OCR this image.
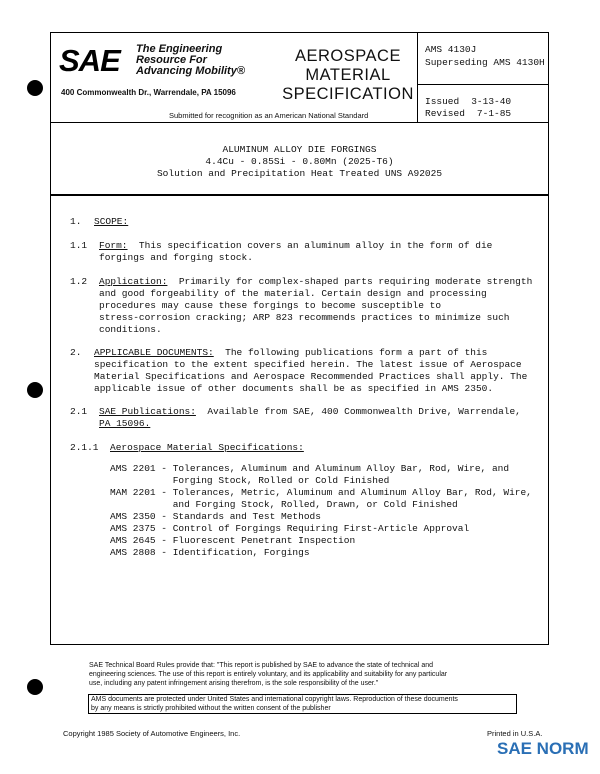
SAE The Engineering
Resource For
Advancing Mobility®
400 Commonwealth Dr., Warrendale, PA 15096
AEROSPACE
MATERIAL
SPECIFICATION
Submitted for recognition as an American National Standard
AMS 4130J
Superseding AMS 4130H
Issued 3-13-40
Revised 7-1-85
ALUMINUM ALLOY DIE FORGINGS
4.4Cu - 0.85Si - 0.80Mn (2025-T6)
Solution and Precipitation Heat Treated UNS A92025
1. SCOPE:
1.1 Form: This specification covers an aluminum alloy in the form of die
forgings and forging stock.
1.2 Application: Primarily for complex-shaped parts requiring moderate strength
and good forgeability of the material. Certain design and processing
procedures may cause these forgings to become susceptible to
stress-corrosion cracking; ARP 823 recommends practices to minimize such
conditions.
2. APPLICABLE DOCUMENTS: The following publications form a part of this
specification to the extent specified herein. The latest issue of Aerospace
Material Specifications and Aerospace Recommended Practices shall apply. The
applicable issue of other documents shall be as specified in AMS 2350.
2.1 SAE Publications: Available from SAE, 400 Commonwealth Drive, Warrendale,
PA 15096.
2.1.1 Aerospace Material Specifications:
AMS 2201 - Tolerances, Aluminum and Aluminum Alloy Bar, Rod, Wire, and
Forging Stock, Rolled or Cold Finished
MAM 2201 - Tolerances, Metric, Aluminum and Aluminum Alloy Bar, Rod, Wire,
and Forging Stock, Rolled, Drawn, or Cold Finished
AMS 2350 - Standards and Test Methods
AMS 2375 - Control of Forgings Requiring First-Article Approval
AMS 2645 - Fluorescent Penetrant Inspection
AMS 2808 - Identification, Forgings
SAE Technical Board Rules provide that: "This report is published by SAE to advance the state of technical and
engineering sciences. The use of this report is entirely voluntary, and its applicability and suitability for any particular
use, including any patent infringement arising therefrom, is the sole responsibility of the user."
AMS documents are protected under United States and international copyright laws. Reproduction of these documents
by any means is strictly prohibited without the written consent of the publisher
Copyright 1985 Society of Automotive Engineers, Inc.	Printed in U.S.A.
SAE NORM
